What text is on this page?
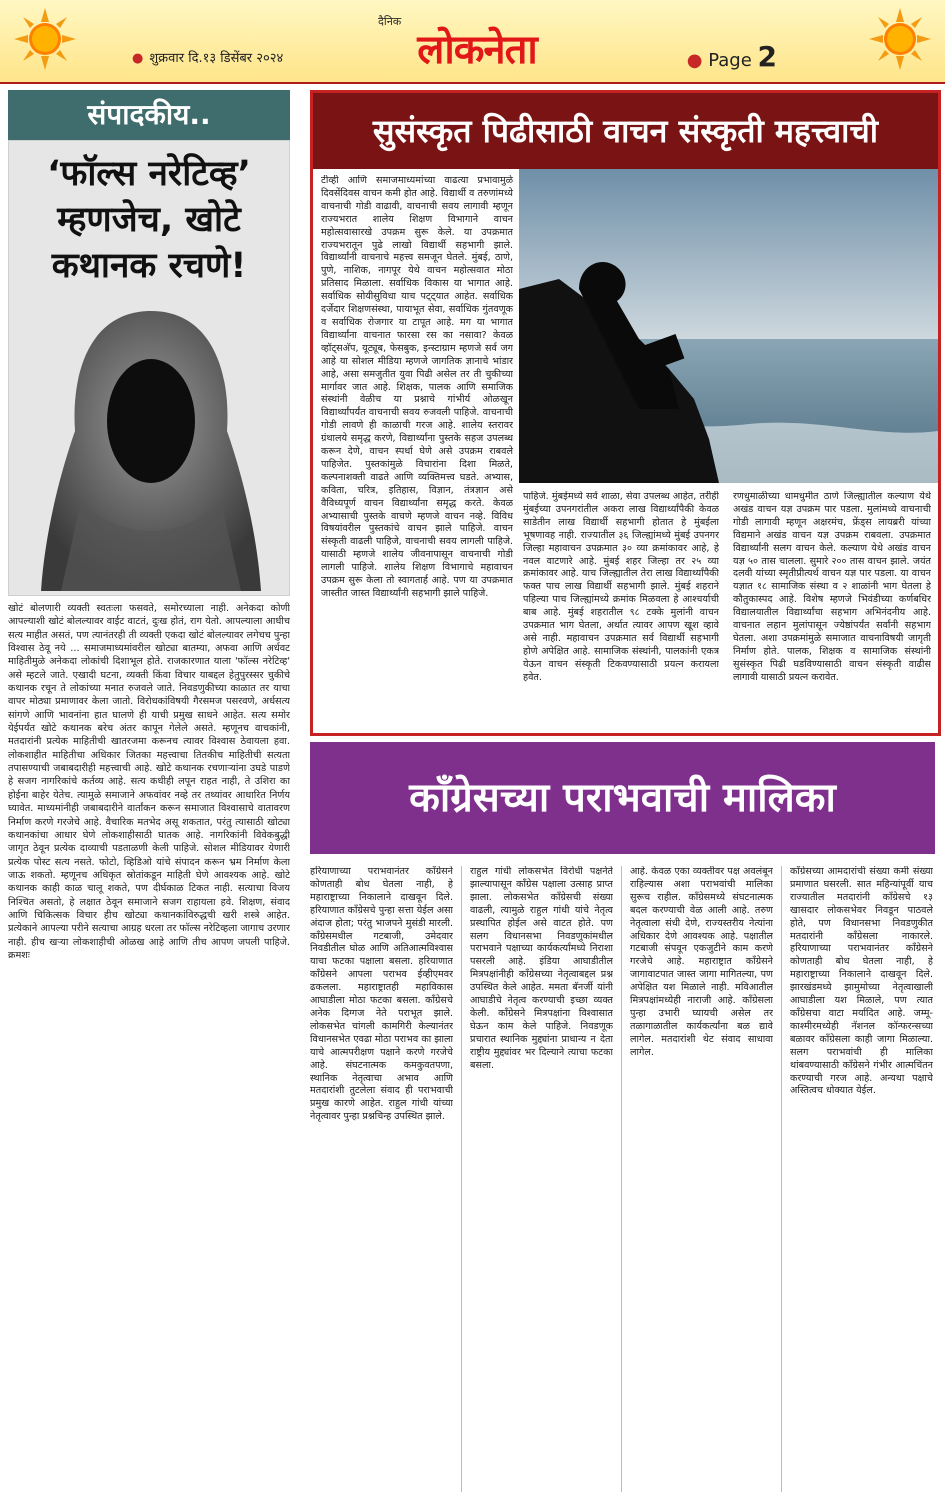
● शुक्रवार दि.१३ डिसेंबर २०२४
दैनिक
लोकनेता	● Page 2
संपादकीय..
‘फॉल्स नरेटिव्ह’
म्हणजेच, खोटे
कथानक रचणे!
खोटं बोलणारी व्यक्ती स्वतःला फसवते, समोरच्याला नाही. अनेकदा कोणी आपल्याशी खोटं बोलल्यावर वाईट वाटतं, दुःख होतं, राग येतो. आपल्याला आधीच सत्य माहीत असतं, पण त्यानंतरही ती व्यक्ती एकदा खोटं बोलल्यावर लगेचच पुन्हा विश्वास ठेवू नये ... समाजमाध्यमांवरील खोट्या बातम्या, अफवा आणि अर्धवट माहितीमुळे अनेकदा लोकांची दिशाभूल होते. राजकारणात याला 'फॉल्स नरेटिव्ह' असे म्हटले जाते. एखादी घटना, व्यक्ती किंवा विचार याबद्दल हेतुपुरस्सर चुकीचे कथानक रचून ते लोकांच्या मनात रुजवले जाते. निवडणुकीच्या काळात तर याचा वापर मोठ्या प्रमाणावर केला जातो. विरोधकांविषयी गैरसमज पसरवणे, अर्धसत्य सांगणे आणि भावनांना हात घालणे ही याची प्रमुख साधने आहेत. सत्य समोर येईपर्यंत खोटे कथानक बरेच अंतर कापून गेलेले असते. म्हणूनच वाचकांनी, मतदारांनी प्रत्येक माहितीची खातरजमा करूनच त्यावर विश्वास ठेवायला हवा. लोकशाहीत माहितीचा अधिकार जितका महत्त्वाचा तितकीच माहितीची सत्यता तपासण्याची जबाबदारीही महत्त्वाची आहे. खोटे कथानक रचणाऱ्यांना उघडे पाडणे हे सजग नागरिकांचे कर्तव्य आहे. सत्य कधीही लपून राहत नाही, ते उशिरा का होईना बाहेर येतेच. त्यामुळे समाजाने अफवांवर नव्हे तर तथ्यांवर आधारित निर्णय घ्यावेत. माध्यमांनीही जबाबदारीने वार्तांकन करून समाजात विश्वासाचे वातावरण निर्माण करणे गरजेचे आहे. वैचारिक मतभेद असू शकतात, परंतु त्यासाठी खोट्या कथानकांचा आधार घेणे लोकशाहीसाठी घातक आहे. नागरिकांनी विवेकबुद्धी जागृत ठेवून प्रत्येक दाव्याची पडताळणी केली पाहिजे. सोशल मीडियावर येणारी प्रत्येक पोस्ट सत्य नसते. फोटो, व्हिडिओ यांचे संपादन करून भ्रम निर्माण केला जाऊ शकतो. म्हणूनच अधिकृत स्रोतांकडून माहिती घेणे आवश्यक आहे. खोटे कथानक काही काळ चालू शकते, पण दीर्घकाळ टिकत नाही. सत्याचा विजय निश्चित असतो, हे लक्षात ठेवून समाजाने सजग राहायला हवे. शिक्षण, संवाद आणि चिकित्सक विचार हीच खोट्या कथानकांविरुद्धची खरी शस्त्रे आहेत. प्रत्येकाने आपल्या परीने सत्याचा आग्रह धरला तर फॉल्स नरेटिव्हला जागाच उरणार नाही. हीच खऱ्या लोकशाहीची ओळख आहे आणि तीच आपण जपली पाहिजे. क्रमशः
सुसंस्कृत पिढीसाठी वाचन संस्कृती महत्त्वाची
टीव्ही आणि समाजमाध्यमांच्या वाढत्या प्रभावामुळे दिवसेंदिवस वाचन कमी होत आहे. विद्यार्थी व तरुणांमध्ये वाचनाची गोडी वाढावी, वाचनाची सवय लागावी म्हणून राज्यभरात शालेय शिक्षण विभागाने वाचन महोत्सवासारखे उपक्रम सुरू केले. या उपक्रमात राज्यभरातून पुढे लाखो विद्यार्थी सहभागी झाले. विद्यार्थ्यांनी वाचनाचे महत्त्व समजून घेतले. मुंबई, ठाणे, पुणे, नाशिक, नागपूर येथे वाचन महोत्सवात मोठा प्रतिसाद मिळाला. सर्वाधिक विकास या भागात आहे. सर्वाधिक सोयीसुविधा याच पट्ट्यात आहेत. सर्वाधिक दर्जेदार शिक्षणसंस्था, पायाभूत सेवा, सर्वाधिक गुंतवणूक व सर्वाधिक रोजगार या टापूत आहे. मग या भागात विद्यार्थ्यांना वाचनात फारसा रस का नसावा? केवळ व्हॉट्सअ‍ॅप, यूट्यूब, फेसबुक, इन्स्टाग्राम म्हणजे सर्व जग आहे या सोशल मीडिया म्हणजे जागतिक ज्ञानाचे भांडार आहे, असा समजुतीत युवा पिढी असेल तर ती चुकीच्या मार्गावर जात आहे. शिक्षक, पालक आणि समाजिक संस्थांनी वेळीच या प्रश्नाचे गांभीर्य ओळखून विद्यार्थ्यांपर्यंत वाचनाची सवय रुजवली पाहिजे. वाचनाची गोडी लावणे ही काळाची गरज आहे. शालेय स्तरावर ग्रंथालये समृद्ध करणे, विद्यार्थ्यांना पुस्तके सहज उपलब्ध करून देणे, वाचन स्पर्धा घेणे असे उपक्रम राबवले पाहिजेत. पुस्तकांमुळे विचारांना दिशा मिळते, कल्पनाशक्ती वाढते आणि व्यक्तिमत्त्व घडते. अभ्यास, कविता, चरित्र, इतिहास, विज्ञान, तंत्रज्ञान असे वैविध्यपूर्ण वाचन विद्यार्थ्यांना समृद्ध करते. केवळ अभ्यासाची पुस्तके वाचणे म्हणजे वाचन नव्हे. विविध विषयांवरील पुस्तकांचे वाचन झाले पाहिजे. वाचन संस्कृती वाढली पाहिजे, वाचनाची सवय लागली पाहिजे. यासाठी म्हणजे शालेय जीवनापासून वाचनाची गोडी लागली पाहिजे. शालेय शिक्षण विभागाचे महावाचन उपक्रम सुरू केला तो स्वागतार्ह आहे. पण या उपक्रमात जास्तीत जास्त विद्यार्थ्यांनी सहभागी झाले पाहिजे.
पाहिजे. मुंबईमध्ये सर्व शाळा, सेवा उपलब्ध आहेत, तरीही मुंबईच्या उपनगरांतील अकरा लाख विद्यार्थ्यांपैकी केवळ साडेतीन लाख विद्यार्थी सहभागी होतात हे मुंबईला भूषणावह नाही. राज्यातील ३६ जिल्ह्यांमध्ये मुंबई उपनगर जिल्हा महावाचन उपक्रमात ३० व्या क्रमांकावर आहे, हे नवल वाटणारे आहे. मुंबई शहर जिल्हा तर २५ व्या क्रमांकावर आहे. याच जिल्ह्यातील तेरा लाख विद्यार्थ्यांपैकी फक्त पाच लाख विद्यार्थी सहभागी झाले. मुंबई शहराने पहिल्या पाच जिल्ह्यांमध्ये क्रमांक मिळवला हे आश्चर्याची बाब आहे. मुंबई शहरातील ९८ टक्के मुलांनी वाचन उपक्रमात भाग घेतला, अर्थात त्यावर आपण खूश व्हावे असे नाही. महावाचन उपक्रमात सर्व विद्यार्थी सहभागी होणे अपेक्षित आहे. सामाजिक संस्थांनी, पालकांनी एकत्र येऊन वाचन संस्कृती टिकवण्यासाठी प्रयत्न करायला हवेत.
रणधुमाळीच्या धामधुमीत ठाणे जिल्ह्यातील कल्याण येथे अखंड वाचन यज्ञ उपक्रम पार पडला. मुलांमध्ये वाचनाची गोडी लागावी म्हणून अक्षरमंच, फ्रेंड्स लायब्ररी यांच्या विद्यमाने अखंड वाचन यज्ञ उपक्रम राबवला. उपक्रमात विद्यार्थ्यांनी सलग वाचन केले. कल्याण येथे अखंड वाचन यज्ञ ५० तास चालला. सुमारे २०० तास वाचन झाले. जयंत दलवी यांच्या स्मृतीप्रीत्यर्थ वाचन यज्ञ पार पडला. या वाचन यज्ञात १८ सामाजिक संस्था व २ शाळांनी भाग घेतला हे कौतुकास्पद आहे. विशेष म्हणजे भिवंडीच्या कर्णबधिर विद्यालयातील विद्यार्थ्यांचा सहभाग अभिनंदनीय आहे. वाचनात लहान मुलांपासून ज्येष्ठांपर्यंत सर्वांनी सहभाग घेतला. अशा उपक्रमांमुळे समाजात वाचनाविषयी जागृती निर्माण होते. पालक, शिक्षक व सामाजिक संस्थांनी सुसंस्कृत पिढी घडविण्यासाठी वाचन संस्कृती वाढीस लागावी यासाठी प्रयत्न करावेत.
काँग्रेसच्या पराभवाची मालिका
हरियाणाच्या पराभवानंतर काँग्रेसने कोणताही बोध घेतला नाही, हे महाराष्ट्राच्या निकालाने दाखवून दिले. हरियाणात काँग्रेसचे पुन्हा सत्ता येईल असा अंदाज होता; परंतु भाजपने मुसंडी मारली. काँग्रेसमधील गटबाजी, उमेदवार निवडीतील घोळ आणि अतिआत्मविश्वास याचा फटका पक्षाला बसला. हरियाणात काँग्रेसने आपला पराभव ईव्हीएमवर ढकलला. महाराष्ट्रातही महाविकास आघाडीला मोठा फटका बसला. काँग्रेसचे अनेक दिग्गज नेते पराभूत झाले. लोकसभेत चांगली कामगिरी केल्यानंतर विधानसभेत एवढा मोठा पराभव का झाला याचे आत्मपरीक्षण पक्षाने करणे गरजेचे आहे. संघटनात्मक कमकुवतपणा, स्थानिक नेतृत्वाचा अभाव आणि मतदारांशी तुटलेला संवाद ही पराभवाची प्रमुख कारणे आहेत. राहुल गांधी यांच्या नेतृत्वावर पुन्हा प्रश्नचिन्ह उपस्थित झाले.
राहुल गांधी लोकसभेत विरोधी पक्षनेते झाल्यापासून काँग्रेस पक्षाला उत्साह प्राप्त झाला. लोकसभेत काँग्रेसची संख्या वाढली, त्यामुळे राहुल गांधी यांचे नेतृत्व प्रस्थापित होईल असे वाटत होते. पण सलग विधानसभा निवडणुकांमधील पराभवाने पक्षाच्या कार्यकर्त्यांमध्ये निराशा पसरली आहे. इंडिया आघाडीतील मित्रपक्षांनीही काँग्रेसच्या नेतृत्वाबद्दल प्रश्न उपस्थित केले आहेत. ममता बॅनर्जी यांनी आघाडीचे नेतृत्व करण्याची इच्छा व्यक्त केली. काँग्रेसने मित्रपक्षांना विश्वासात घेऊन काम केले पाहिजे. निवडणूक प्रचारात स्थानिक मुद्द्यांना प्राधान्य न देता राष्ट्रीय मुद्द्यांवर भर दिल्याने त्याचा फटका बसला.
आहे. केवळ एका व्यक्तीवर पक्ष अवलंबून राहिल्यास अशा पराभवांची मालिका सुरूच राहील. काँग्रेसमध्ये संघटनात्मक बदल करण्याची वेळ आली आहे. तरुण नेतृत्वाला संधी देणे, राज्यस्तरीय नेत्यांना अधिकार देणे आवश्यक आहे. पक्षातील गटबाजी संपवून एकजुटीने काम करणे गरजेचे आहे. महाराष्ट्रात काँग्रेसने जागावाटपात जास्त जागा मागितल्या, पण अपेक्षित यश मिळाले नाही. मविआतील मित्रपक्षांमध्येही नाराजी आहे. काँग्रेसला पुन्हा उभारी घ्यायची असेल तर तळागाळातील कार्यकर्त्यांना बळ द्यावे लागेल. मतदारांशी थेट संवाद साधावा लागेल.
काँग्रेसच्या आमदारांची संख्या कमी संख्या प्रमाणात घसरली. सात महिन्यांपूर्वी याच राज्यातील मतदारांनी काँग्रेसचे १३ खासदार लोकसभेवर निवडून पाठवले होते, पण विधानसभा निवडणुकीत मतदारांनी काँग्रेसला नाकारले. हरियाणाच्या पराभवानंतर काँग्रेसने कोणताही बोध घेतला नाही, हे महाराष्ट्राच्या निकालाने दाखवून दिले. झारखंडमध्ये झामुमोच्या नेतृत्वाखाली आघाडीला यश मिळाले, पण त्यात काँग्रेसचा वाटा मर्यादित आहे. जम्मू-काश्मीरमध्येही नॅशनल कॉन्फरन्सच्या बळावर काँग्रेसला काही जागा मिळाल्या. सलग पराभवांची ही मालिका थांबवण्यासाठी काँग्रेसने गंभीर आत्मचिंतन करण्याची गरज आहे. अन्यथा पक्षाचे अस्तित्वच धोक्यात येईल.
